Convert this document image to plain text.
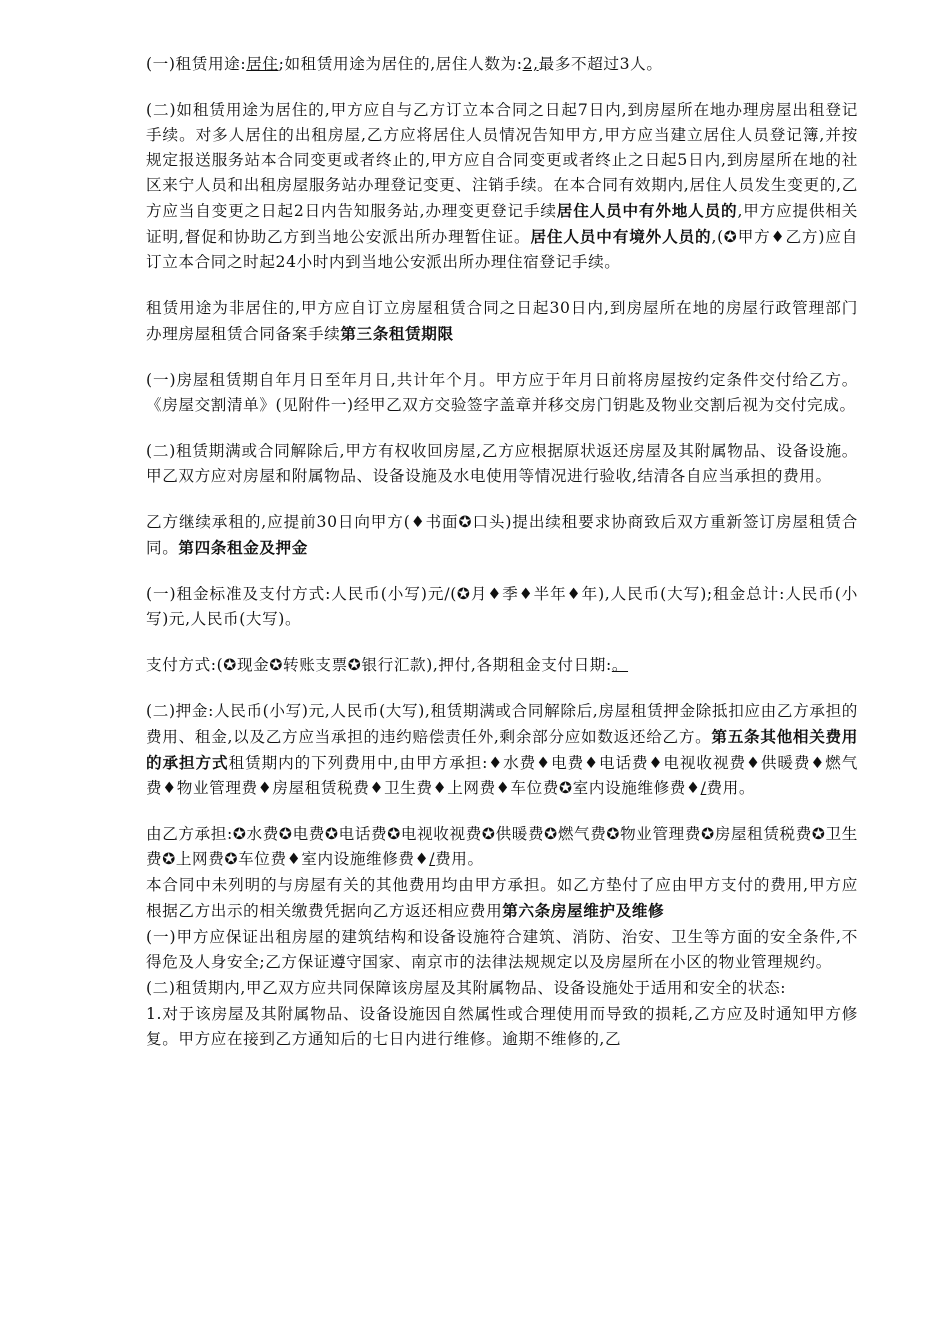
(一)租赁用途:居住;如租赁用途为居住的,居住人数为:2,最多不超过3人。

(二)如租赁用途为居住的,甲方应自与乙方订立本合同之日起7日内,到房屋所在地办理房屋出租登记手续。对多人居住的出租房屋,乙方应将居住人员情况告知甲方,甲方应当建立居住人员登记簿,并按规定报送服务站本合同变更或者终止的,甲方应自合同变更或者终止之日起5日内,到房屋所在地的社区来宁人员和出租房屋服务站办理登记变更、注销手续。在本合同有效期内,居住人员发生变更的,乙方应当自变更之日起2日内告知服务站,办理变更登记手续居住人员中有外地人员的,甲方应提供相关证明,督促和协助乙方到当地公安派出所办理暂住证。居住人员中有境外人员的,(✪甲方♦乙方)应自订立本合同之时起24小时内到当地公安派出所办理住宿登记手续。

租赁用途为非居住的,甲方应自订立房屋租赁合同之日起30日内,到房屋所在地的房屋行政管理部门办理房屋租赁合同备案手续第三条租赁期限

(一)房屋租赁期自年月日至年月日,共计年个月。甲方应于年月日前将房屋按约定条件交付给乙方。《房屋交割清单》(见附件一)经甲乙双方交验签字盖章并移交房门钥匙及物业交割后视为交付完成。

(二)租赁期满或合同解除后,甲方有权收回房屋,乙方应根据原状返还房屋及其附属物品、设备设施。甲乙双方应对房屋和附属物品、设备设施及水电使用等情况进行验收,结清各自应当承担的费用。

乙方继续承租的,应提前30日向甲方(♦书面✪口头)提出续租要求协商致后双方重新签订房屋租赁合同。第四条租金及押金

(一)租金标准及支付方式:人民币(小写)元/(✪月♦季♦半年♦年),人民币(大写);租金总计:人民币(小写)元,人民币(大写)。

支付方式:(✪现金✪转账支票✪银行汇款),押付,各期租金支付日期:。

(二)押金:人民币(小写)元,人民币(大写),租赁期满或合同解除后,房屋租赁押金除抵扣应由乙方承担的费用、租金,以及乙方应当承担的违约赔偿责任外,剩余部分应如数返还给乙方。第五条其他相关费用的承担方式租赁期内的下列费用中,由甲方承担:♦水费♦电费♦电话费♦电视收视费♦供暖费♦燃气费♦物业管理费♦房屋租赁税费♦卫生费♦上网费♦车位费✪室内设施维修费♦/费用。

由乙方承担:✪水费✪电费✪电话费✪电视收视费✪供暖费✪燃气费✪物业管理费✪房屋租赁税费✪卫生费✪上网费✪车位费♦室内设施维修费♦/费用。

本合同中未列明的与房屋有关的其他费用均由甲方承担。如乙方垫付了应由甲方支付的费用,甲方应根据乙方出示的相关缴费凭据向乙方返还相应费用第六条房屋维护及维修

(一)甲方应保证出租房屋的建筑结构和设备设施符合建筑、消防、治安、卫生等方面的安全条件,不得危及人身安全;乙方保证遵守国家、南京市的法律法规规定以及房屋所在小区的物业管理规约。

(二)租赁期内,甲乙双方应共同保障该房屋及其附属物品、设备设施处于适用和安全的状态:

1.对于该房屋及其附属物品、设备设施因自然属性或合理使用而导致的损耗,乙方应及时通知甲方修复。甲方应在接到乙方通知后的七日内进行维修。逾期不维修的,乙
